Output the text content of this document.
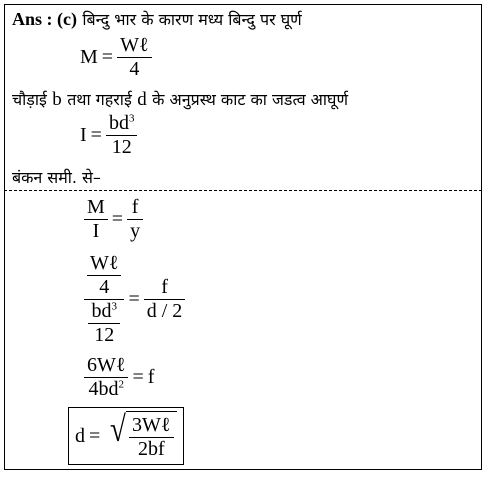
Ans : (c) बिन्दु भार के कारण मध्य बिन्दु पर घूर्ण
$M = \frac{\text{Wℓ}}{4}$
चौड़ाई b तथा गहराई d के अनुप्रस्थ काट का जडत्व आघूर्ण
$I = \frac{bd^3}{12}$
बंकन समी. से–
$\frac{M}{I} = \frac{f}{y}$
$\frac{\frac{\text{Wℓ}}{4}}{\frac{bd^3}{12}} = \frac{f}{d / 2}$
$\frac{\text{6Wℓ}}{4bd^2} = f$
d = √ $\frac{\text{3Wℓ}}{2bf}$
